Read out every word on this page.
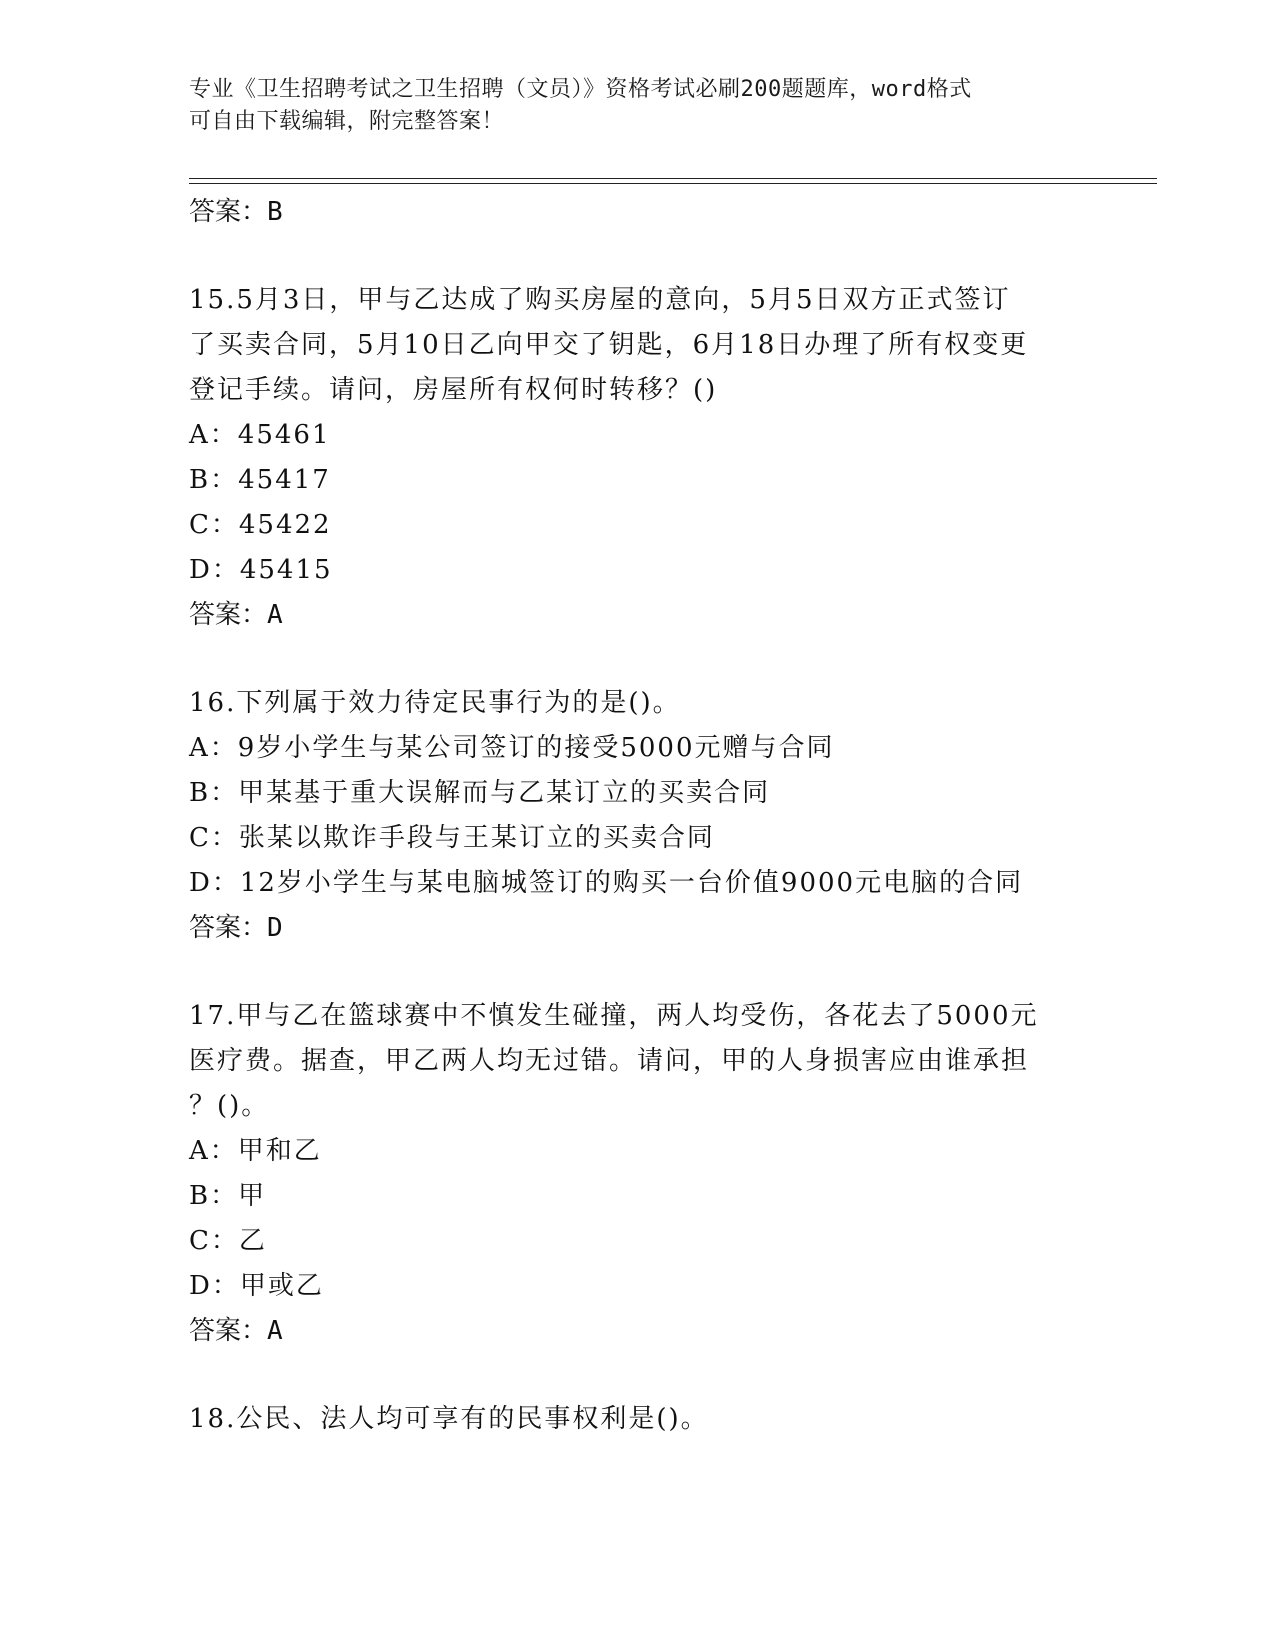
专业《卫生招聘考试之卫生招聘（文员）》资格考试必刷200题题库，word格式
可自由下载编辑，附完整答案！
答案：B
15.5月3日，甲与乙达成了购买房屋的意向，5月5日双方正式签订
了买卖合同，5月10日乙向甲交了钥匙，6月18日办理了所有权变更
登记手续。请问，房屋所有权何时转移？()
A：45461
B：45417
C：45422
D：45415
答案：A
16.下列属于效力待定民事行为的是()。
A：9岁小学生与某公司签订的接受5000元赠与合同
B：甲某基于重大误解而与乙某订立的买卖合同
C：张某以欺诈手段与王某订立的买卖合同
D：12岁小学生与某电脑城签订的购买一台价值9000元电脑的合同
答案：D
17.甲与乙在篮球赛中不慎发生碰撞，两人均受伤，各花去了5000元
医疗费。据查，甲乙两人均无过错。请问，甲的人身损害应由谁承担
？()。
A：甲和乙
B：甲
C：乙
D：甲或乙
答案：A
18.公民、法人均可享有的民事权利是()。
